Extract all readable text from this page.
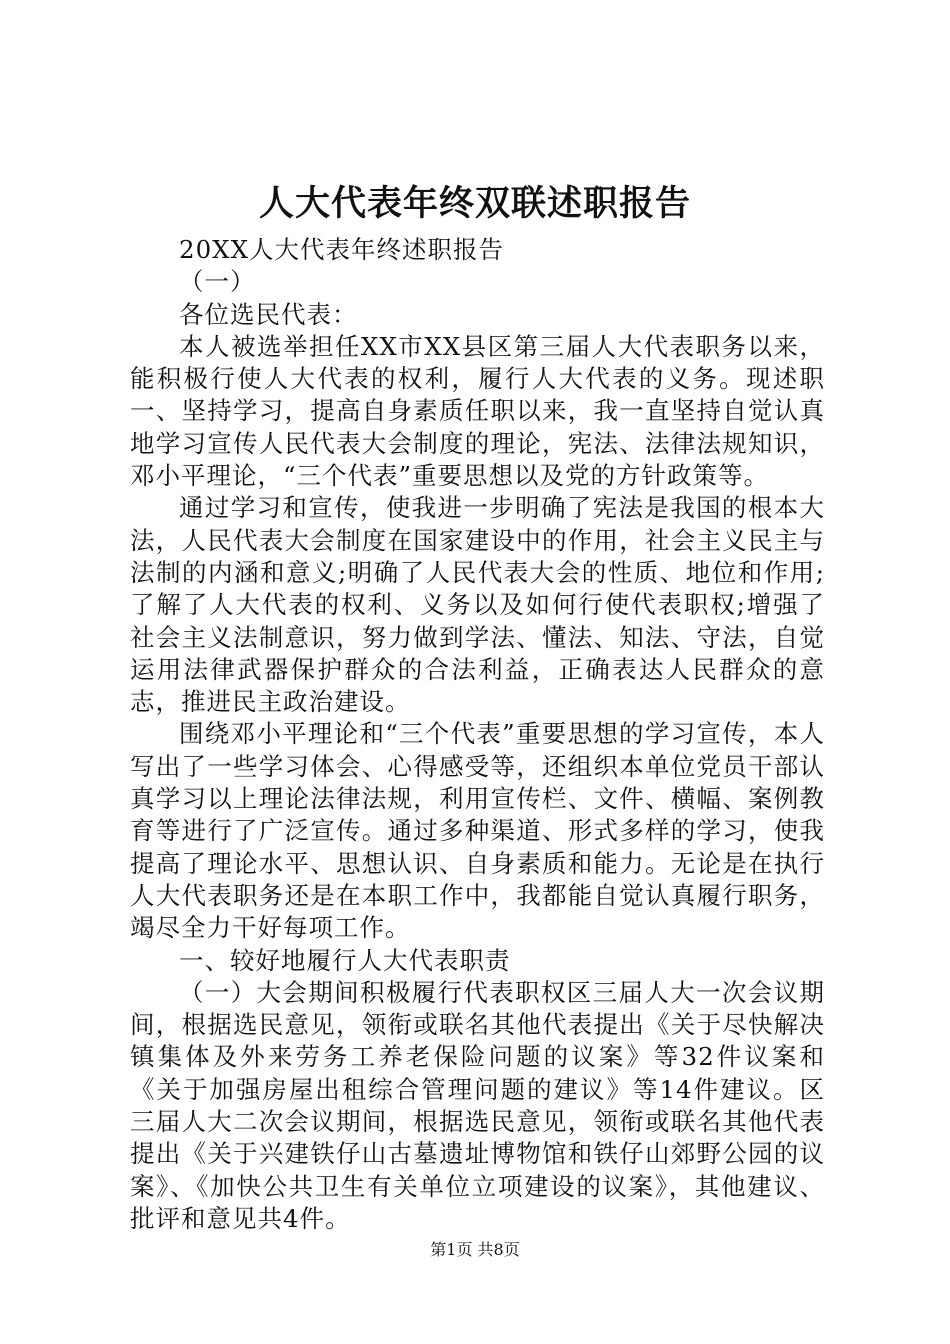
人大代表年终双联述职报告

20XX人大代表年终述职报告

（一）

各位选民代表：

本人被选举担任XX市XX县区第三届人大代表职务以来，能积极行使人大代表的权利，履行人大代表的义务。现述职一、坚持学习，提高自身素质任职以来，我一直坚持自觉认真地学习宣传人民代表大会制度的理论，宪法、法律法规知识，邓小平理论，“三个代表”重要思想以及党的方针政策等。

通过学习和宣传，使我进一步明确了宪法是我国的根本大法，人民代表大会制度在国家建设中的作用，社会主义民主与法制的内涵和意义;明确了人民代表大会的性质、地位和作用;了解了人大代表的权利、义务以及如何行使代表职权;增强了社会主义法制意识，努力做到学法、懂法、知法、守法，自觉运用法律武器保护群众的合法利益，正确表达人民群众的意志，推进民主政治建设。

围绕邓小平理论和“三个代表”重要思想的学习宣传，本人写出了一些学习体会、心得感受等，还组织本单位党员干部认真学习以上理论法律法规，利用宣传栏、文件、横幅、案例教育等进行了广泛宣传。通过多种渠道、形式多样的学习，使我提高了理论水平、思想认识、自身素质和能力。无论是在执行人大代表职务还是在本职工作中，我都能自觉认真履行职务，竭尽全力干好每项工作。

一、较好地履行人大代表职责

（一）大会期间积极履行代表职权区三届人大一次会议期间，根据选民意见，领衔或联名其他代表提出《关于尽快解决镇集体及外来劳务工养老保险问题的议案》等32件议案和《关于加强房屋出租综合管理问题的建议》等14件建议。区三届人大二次会议期间，根据选民意见，领衔或联名其他代表提出《关于兴建铁仔山古墓遗址博物馆和铁仔山郊野公园的议案》、《加快公共卫生有关单位立项建设的议案》，其他建议、批评和意见共4件。

第1页 共8页
